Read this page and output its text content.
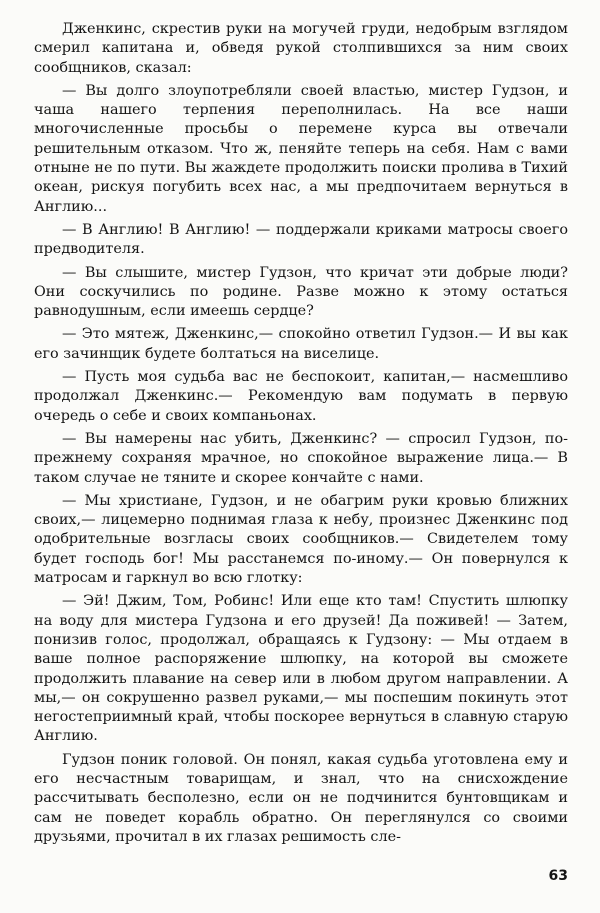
Дженкинс, скрестив руки на могучей груди, недобрым взглядом смерил капитана и, обведя рукой столпившихся за ним своих сообщников, сказал:

— Вы долго злоупотребляли своей властью, мистер Гудзон, и чаша нашего терпения переполнилась. На все наши многочисленные просьбы о перемене курса вы отвечали решительным отказом. Что ж, пеняйте теперь на себя. Нам с вами отныне не по пути. Вы жаждете продолжить поиски пролива в Тихий океан, рискуя погубить всех нас, а мы предпочитаем вернуться в Англию...

— В Англию! В Англию! — поддержали криками матросы своего предводителя.

— Вы слышите, мистер Гудзон, что кричат эти добрые люди? Они соскучились по родине. Разве можно к этому остаться равнодушным, если имеешь сердце?

— Это мятеж, Дженкинс,— спокойно ответил Гудзон.— И вы как его зачинщик будете болтаться на виселице.

— Пусть моя судьба вас не беспокоит, капитан,— насмешливо продолжал Дженкинс.— Рекомендую вам подумать в первую очередь о себе и своих компаньонах.

— Вы намерены нас убить, Дженкинс? — спросил Гудзон, по-прежнему сохраняя мрачное, но спокойное выражение лица.— В таком случае не тяните и скорее кончайте с нами.

— Мы христиане, Гудзон, и не обагрим руки кровью ближних своих,— лицемерно поднимая глаза к небу, произнес Дженкинс под одобрительные возгласы своих сообщников.— Свидетелем тому будет господь бог! Мы расстанемся по-иному.— Он повернулся к матросам и гаркнул во всю глотку:

— Эй! Джим, Том, Робинс! Или еще кто там! Спустить шлюпку на воду для мистера Гудзона и его друзей! Да поживей! — Затем, понизив голос, продолжал, обращаясь к Гудзону: — Мы отдаем в ваше полное распоряжение шлюпку, на которой вы сможете продолжить плавание на север или в любом другом направлении. А мы,— он сокрушенно развел руками,— мы поспешим покинуть этот негостеприимный край, чтобы поскорее вернуться в славную старую Англию.

Гудзон поник головой. Он понял, какая судьба уготовлена ему и его несчастным товарищам, и знал, что на снисхождение рассчитывать бесполезно, если он не подчинится бунтовщикам и сам не поведет корабль обратно. Он переглянулся со своими друзьями, прочитал в их глазах решимость сле-

63
